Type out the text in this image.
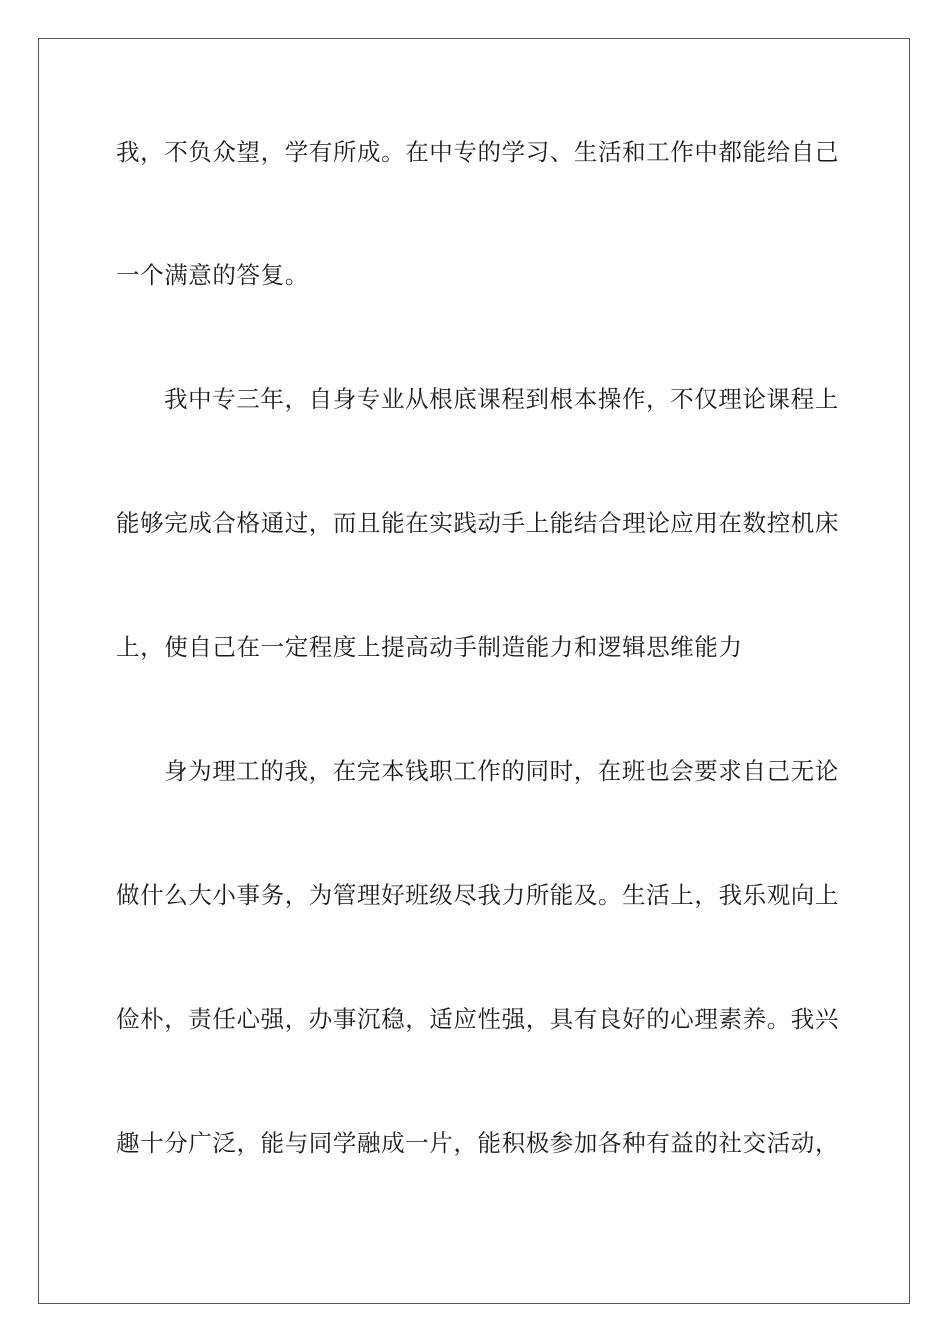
我，不负众望，学有所成。在中专的学习、生活和工作中都能给自己
一个满意的答复。
我中专三年，自身专业从根底课程到根本操作，不仅理论课程上
能够完成合格通过，而且能在实践动手上能结合理论应用在数控机床
上，使自己在一定程度上提高动手制造能力和逻辑思维能力
身为理工的我，在完本钱职工作的同时，在班也会要求自己无论
做什么大小事务，为管理好班级尽我力所能及。生活上，我乐观向上
俭朴，责任心强，办事沉稳，适应性强，具有良好的心理素养。我兴
趣十分广泛，能与同学融成一片，能积极参加各种有益的社交活动，
